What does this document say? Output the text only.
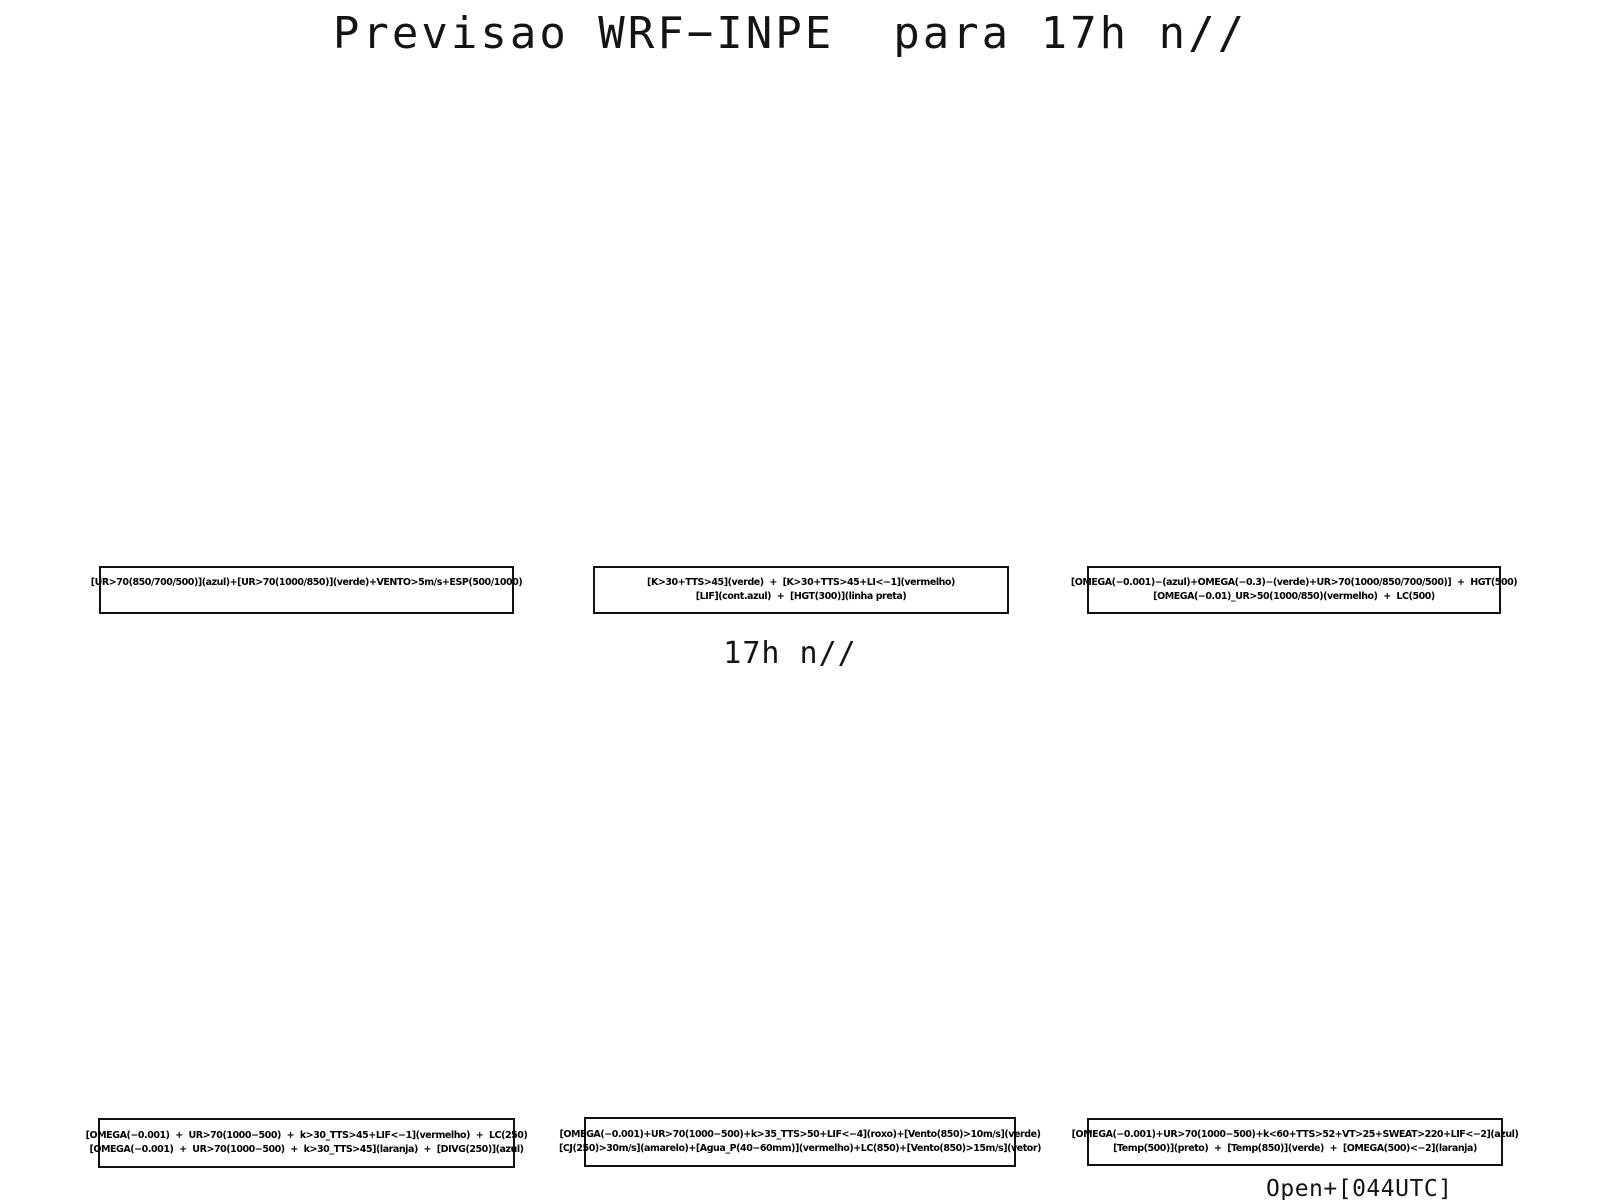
Previsao WRF−INPE  para 17h n//
[UR>70(850/700/500)](azul)+[UR>70(1000/850)](verde)+VENTO>5m/s+ESP(500/1000)	[K>30+TTS>45](verde)  +  [K>30+TTS>45+LI<−1](vermelho)
[LIF](cont.azul)  +  [HGT(300)](linha preta)
[OMEGA(−0.001)−(azul)+OMEGA(−0.3)−(verde)+UR>70(1000/850/700/500)]  +  HGT(500)
[OMEGA(−0.01)_UR>50(1000/850)(vermelho)  +  LC(500)
17h n//
[OMEGA(−0.001)  +  UR>70(1000−500)  +  k>30_TTS>45+LIF<−1](vermelho)  +  LC(250)
[OMEGA(−0.001)  +  UR>70(1000−500)  +  k>30_TTS>45](laranja)  +  [DIVG(250)](azul)
[OMEGA(−0.001)+UR>70(1000−500)+k>35_TTS>50+LIF<−4](roxo)+[Vento(850)>10m/s](verde)
[CJ(250)>30m/s](amarelo)+[Agua_P(40−60mm)](vermelho)+LC(850)+[Vento(850)>15m/s](vetor)
[OMEGA(−0.001)+UR>70(1000−500)+k<60+TTS>52+VT>25+SWEAT>220+LIF<−2](azul)
[Temp(500)](preto)  +  [Temp(850)](verde)  +  [OMEGA(500)<−2](laranja)
Open+[044UTC]
